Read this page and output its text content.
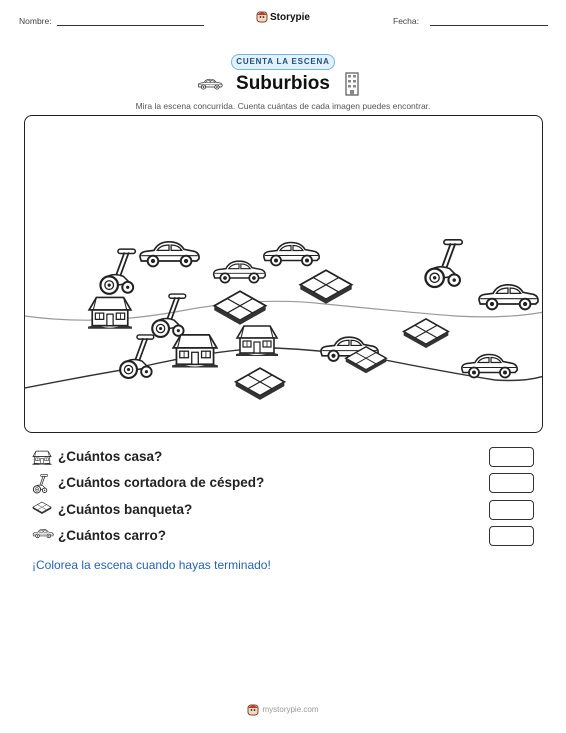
Nombre:	Storypie	Fecha:
CUENTA LA ESCENA
Suburbios
Mira la escena concurrida. Cuenta cuántas de cada imagen puedes encontrar.
¿Cuántos casa?
¿Cuántos cortadora de césped?
¿Cuántos banqueta?
¿Cuántos carro?
¡Colorea la escena cuando hayas terminado!
mystorypie.com
